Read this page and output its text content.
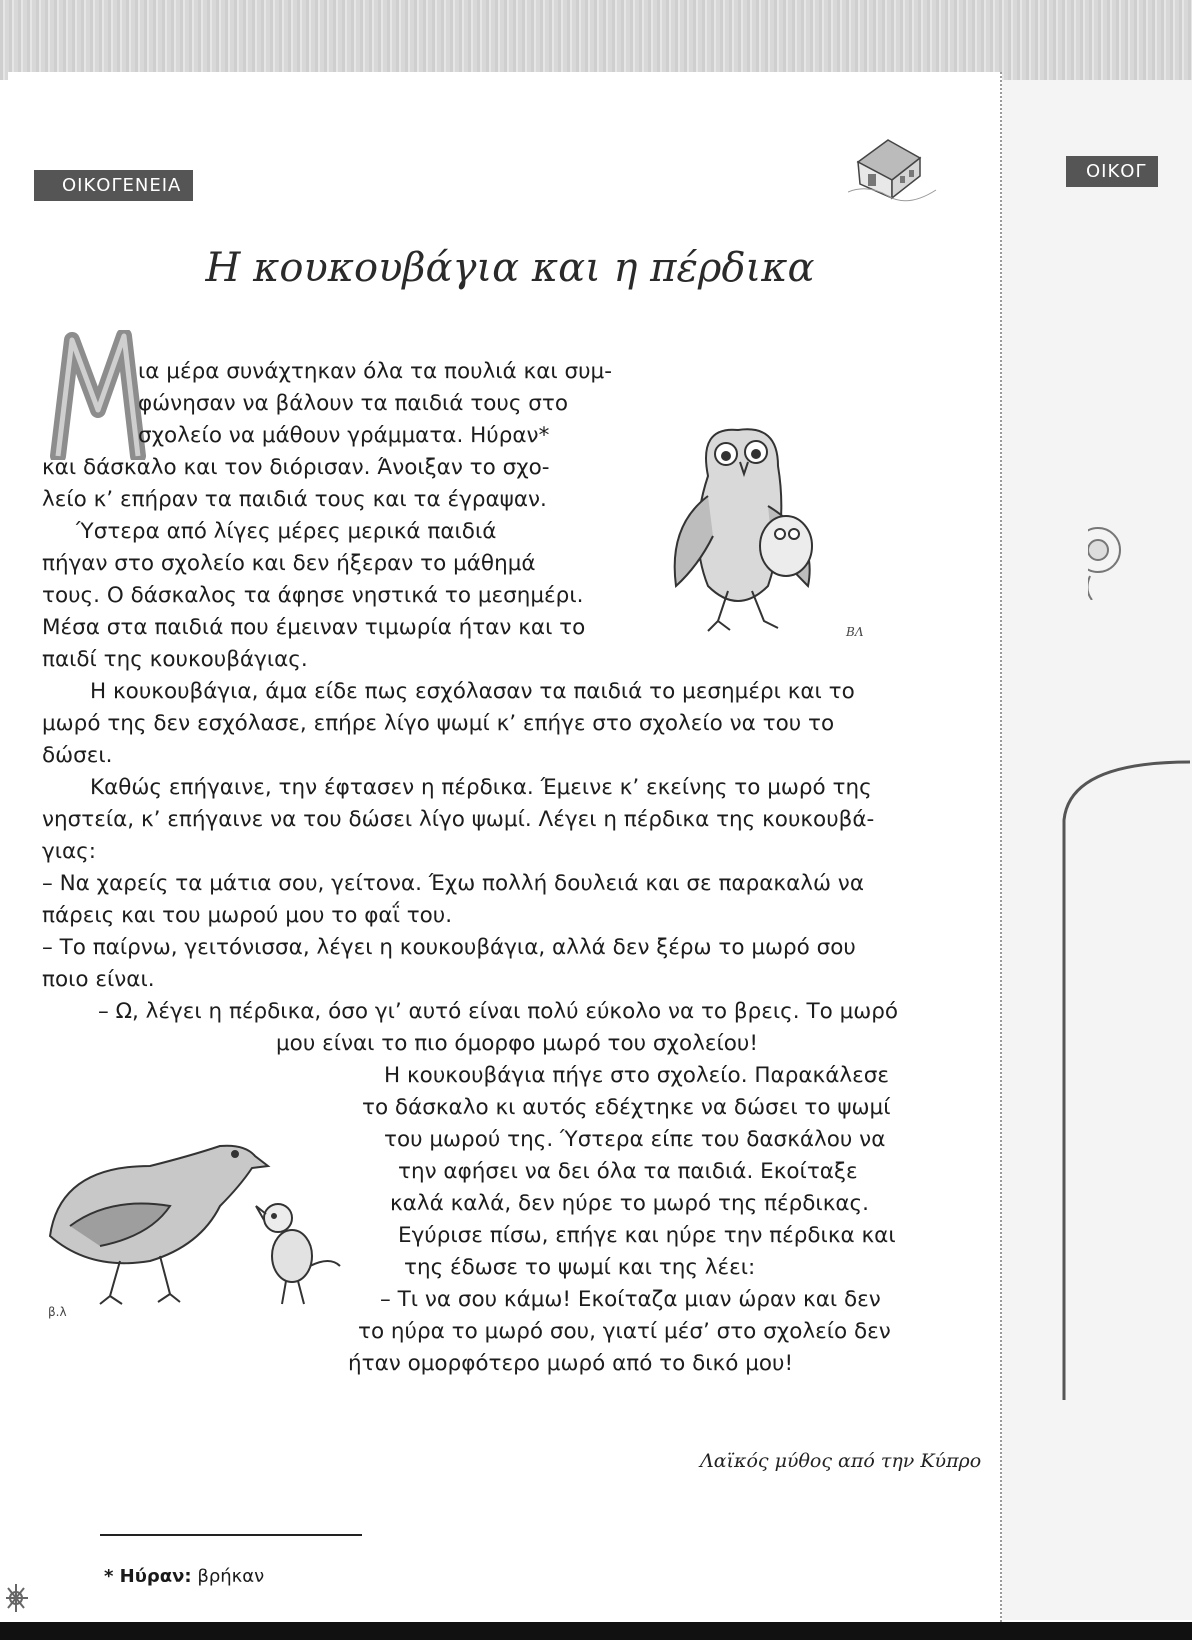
ΟΙΚΟΓΕΝΕΙΑ
ΟΙΚΟΓ
Η κουκουβάγια και η πέρδικα
Μ
ια μέρα συνάχτηκαν όλα τα πουλιά και συμ-
φώνησαν να βάλουν τα παιδιά τους στο
σχολείο να μάθουν γράμματα. Ηύραν*
και δάσκαλο και τον διόρισαν. Άνοιξαν το σχο-
λείο κ’ επήραν τα παιδιά τους και τα έγραψαν.
Ύστερα από λίγες μέρες μερικά παιδιά
πήγαν στο σχολείο και δεν ήξεραν το μάθημά
τους. Ο δάσκαλος τα άφησε νηστικά το μεσημέρι.
Μέσα στα παιδιά που έμειναν τιμωρία ήταν και το
παιδί της κουκουβάγιας.
Η κουκουβάγια, άμα είδε πως εσχόλασαν τα παιδιά το μεσημέρι και το
μωρό της δεν εσχόλασε, επήρε λίγο ψωμί κ’ επήγε στο σχολείο να του το
δώσει.
Καθώς επήγαινε, την έφτασεν η πέρδικα. Έμεινε κ’ εκείνης το μωρό της
νηστεία, κ’ επήγαινε να του δώσει λίγο ψωμί. Λέγει η πέρδικα της κουκουβά-
γιας:
– Να χαρείς τα μάτια σου, γείτονα. Έχω πολλή δουλειά και σε παρακαλώ να
πάρεις και του μωρού μου το φαΐ του.
– Το παίρνω, γειτόνισσα, λέγει η κουκουβάγια, αλλά δεν ξέρω το μωρό σου
ποιο είναι.
– Ω, λέγει η πέρδικα, όσο γι’ αυτό είναι πολύ εύκολο να το βρεις. Το μωρό
μου είναι το πιο όμορφο μωρό του σχολείου!
Η κουκουβάγια πήγε στο σχολείο. Παρακάλεσε
το δάσκαλο κι αυτός εδέχτηκε να δώσει το ψωμί
του μωρού της. Ύστερα είπε του δασκάλου να
την αφήσει να δει όλα τα παιδιά. Εκοίταξε
καλά καλά, δεν ηύρε το μωρό της πέρδικας.
Εγύρισε πίσω, επήγε και ηύρε την πέρδικα και
της έδωσε το ψωμί και της λέει:
– Τι να σου κάμω! Εκοίταζα μιαν ώραν και δεν
το ηύρα το μωρό σου, γιατί μέσ’ στο σχολείο δεν
ήταν ομορφότερο μωρό από το δικό μου!
ΒΛ
β.λ
Λαϊκός μύθος από την Κύπρο
* Ηύραν: βρήκαν
